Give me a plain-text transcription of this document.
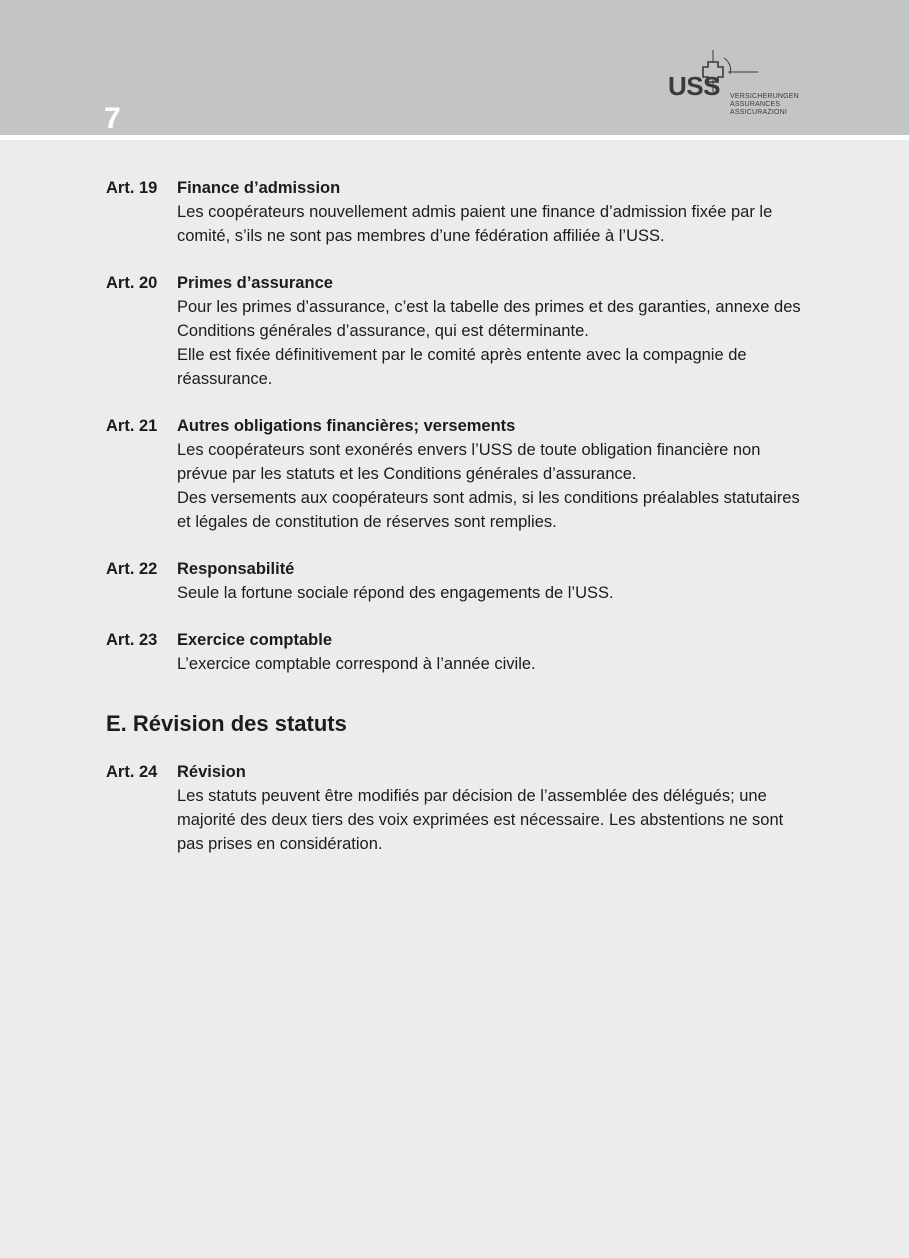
7
USS VERSICHERUNGEN
ASSURANCES
ASSICURAZIONI
Art. 19	Finance d’admission

Les coopérateurs nouvellement admis paient une finance d’admission fixée par le comité, s’ils ne sont pas membres d’une fédération affiliée à l’USS.

Art. 20	Primes d’assurance

Pour les primes d’assurance, c’est la tabelle des primes et des garanties, annexe des Conditions générales d’assurance, qui est déterminante.

Elle est fixée définitivement par le comité après entente avec la compagnie de réassurance.

Art. 21	Autres obligations financières; versements

Les coopérateurs sont exonérés envers l’USS de toute obligation financière non prévue par les statuts et les Conditions générales d’assurance.

Des versements aux coopérateurs sont admis, si les conditions préalables statutaires et légales de constitution de réserves sont remplies.

Art. 22	Responsabilité

Seule la fortune sociale répond des engagements de l’USS.

Art. 23	Exercice comptable

L’exercice comptable correspond à l’année civile.

E. Révision des statuts
Art. 24	Révision

Les statuts peuvent être modifiés par décision de l’assemblée des délégués; une majorité des deux tiers des voix exprimées est nécessaire. Les abstentions ne sont pas prises en considération.
